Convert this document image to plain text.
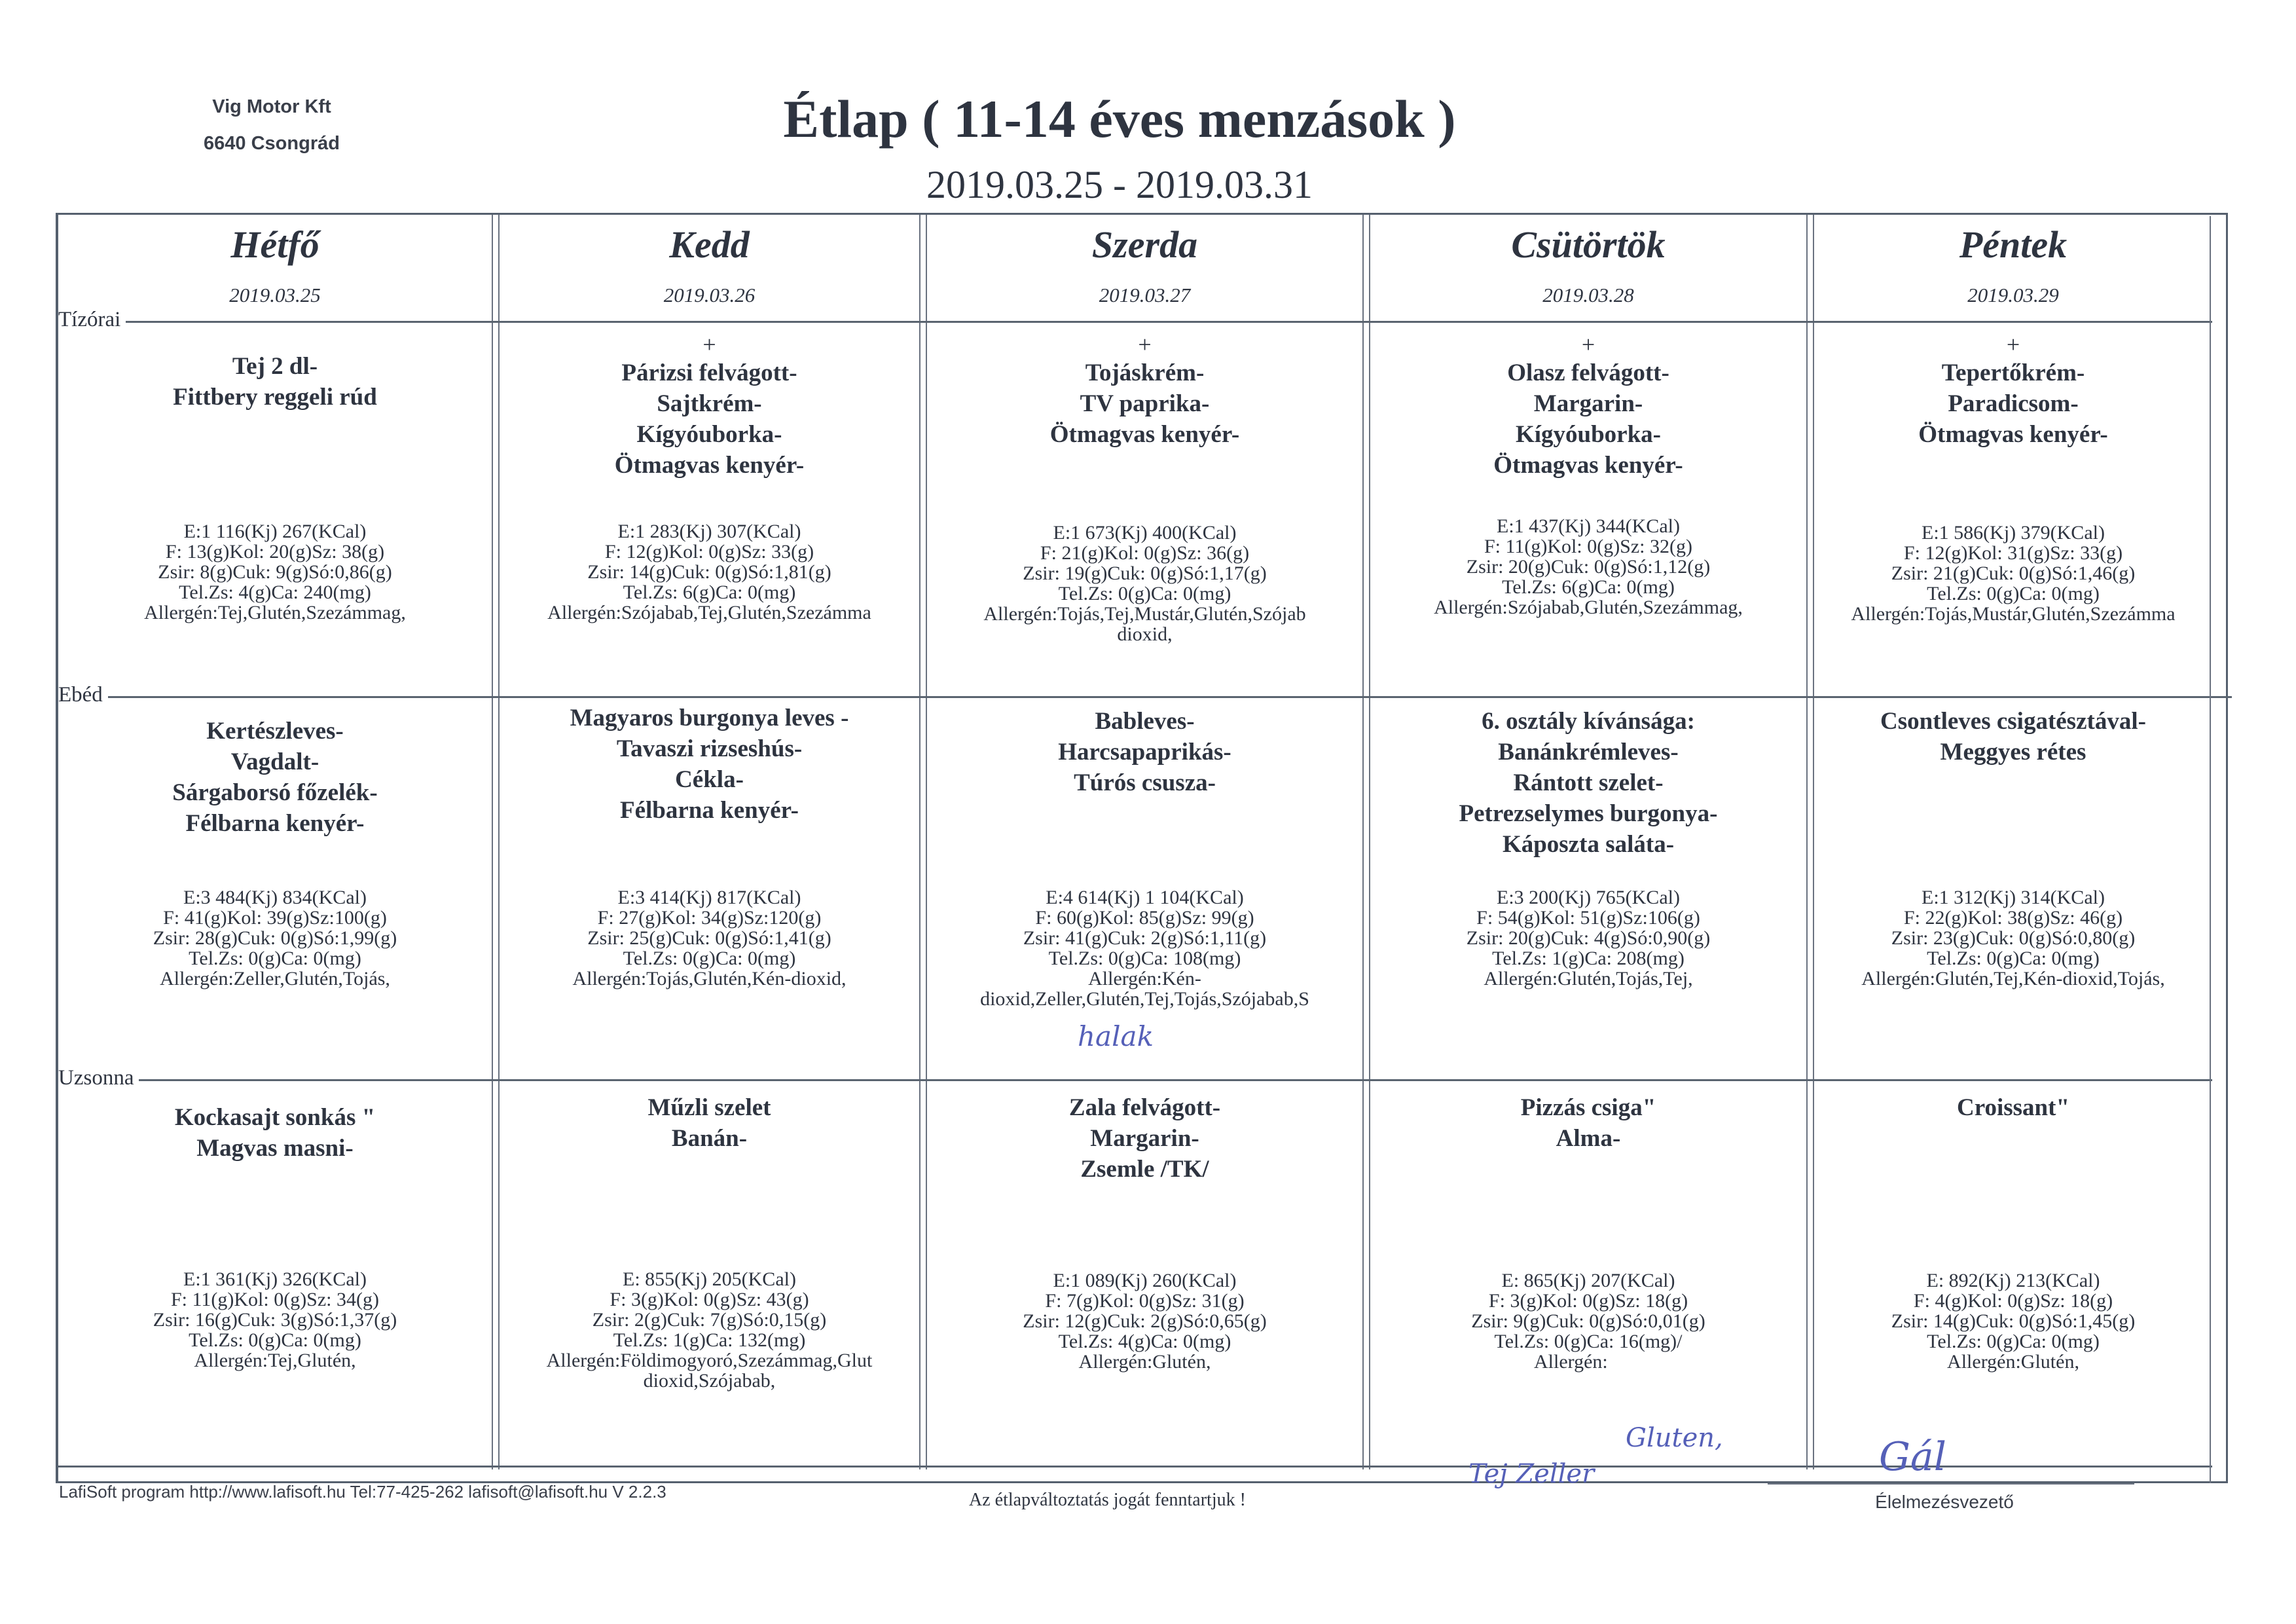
Vig Motor Kft
6640 Csongrád	Étlap ( 11-14 éves menzások )
2019.03.25 - 2019.03.31
Tízórai
Ebéd
Uzsonna
Hétfő
2019.03.25
Kedd
2019.03.26
Szerda
2019.03.27
Csütörtök
2019.03.28
Péntek
2019.03.29
Tej 2 dl-
Fittbery reggeli rúd
E:1 116(Kj) 267(KCal)
F: 13(g)Kol: 20(g)Sz: 38(g)
Zsir: 8(g)Cuk: 9(g)Só:0,86(g)
Tel.Zs: 4(g)Ca: 240(mg)
Allergén:Tej,Glutén,Szezámmag,
+
Párizsi felvágott-
Sajtkrém-
Kígyóuborka-
Ötmagvas kenyér-
E:1 283(Kj) 307(KCal)
F: 12(g)Kol: 0(g)Sz: 33(g)
Zsir: 14(g)Cuk: 0(g)Só:1,81(g)
Tel.Zs: 6(g)Ca: 0(mg)
Allergén:Szójabab,Tej,Glutén,Szezámma
+
Tojáskrém-
TV paprika-
Ötmagvas kenyér-
E:1 673(Kj) 400(KCal)
F: 21(g)Kol: 0(g)Sz: 36(g)
Zsir: 19(g)Cuk: 0(g)Só:1,17(g)
Tel.Zs: 0(g)Ca: 0(mg)
Allergén:Tojás,Tej,Mustár,Glutén,Szójab
dioxid,
+
Olasz felvágott-
Margarin-
Kígyóuborka-
Ötmagvas kenyér-
E:1 437(Kj) 344(KCal)
F: 11(g)Kol: 0(g)Sz: 32(g)
Zsir: 20(g)Cuk: 0(g)Só:1,12(g)
Tel.Zs: 6(g)Ca: 0(mg)
Allergén:Szójabab,Glutén,Szezámmag,
+
Tepertőkrém-
Paradicsom-
Ötmagvas kenyér-
E:1 586(Kj) 379(KCal)
F: 12(g)Kol: 31(g)Sz: 33(g)
Zsir: 21(g)Cuk: 0(g)Só:1,46(g)
Tel.Zs: 0(g)Ca: 0(mg)
Allergén:Tojás,Mustár,Glutén,Szezámma
Kertészleves-
Vagdalt-
Sárgaborsó főzelék-
Félbarna kenyér-
E:3 484(Kj) 834(KCal)
F: 41(g)Kol: 39(g)Sz:100(g)
Zsir: 28(g)Cuk: 0(g)Só:1,99(g)
Tel.Zs: 0(g)Ca: 0(mg)
Allergén:Zeller,Glutén,Tojás,
Magyaros burgonya leves -
Tavaszi rizseshús-
Cékla-
Félbarna kenyér-
E:3 414(Kj) 817(KCal)
F: 27(g)Kol: 34(g)Sz:120(g)
Zsir: 25(g)Cuk: 0(g)Só:1,41(g)
Tel.Zs: 0(g)Ca: 0(mg)
Allergén:Tojás,Glutén,Kén-dioxid,
Bableves-
Harcsapaprikás-
Túrós csusza-
E:4 614(Kj) 1 104(KCal)
F: 60(g)Kol: 85(g)Sz: 99(g)
Zsir: 41(g)Cuk: 2(g)Só:1,11(g)
Tel.Zs: 0(g)Ca: 108(mg)
Allergén:Kén-
dioxid,Zeller,Glutén,Tej,Tojás,Szójabab,S
halak
6. osztály kívánsága:
Banánkrémleves-
Rántott szelet-
Petrezselymes burgonya-
Káposzta saláta-
E:3 200(Kj) 765(KCal)
F: 54(g)Kol: 51(g)Sz:106(g)
Zsir: 20(g)Cuk: 4(g)Só:0,90(g)
Tel.Zs: 1(g)Ca: 208(mg)
Allergén:Glutén,Tojás,Tej,
Csontleves csigatésztával-
Meggyes rétes
E:1 312(Kj) 314(KCal)
F: 22(g)Kol: 38(g)Sz: 46(g)
Zsir: 23(g)Cuk: 0(g)Só:0,80(g)
Tel.Zs: 0(g)Ca: 0(mg)
Allergén:Glutén,Tej,Kén-dioxid,Tojás,
Kockasajt sonkás "
Magvas masni-
E:1 361(Kj) 326(KCal)
F: 11(g)Kol: 0(g)Sz: 34(g)
Zsir: 16(g)Cuk: 3(g)Só:1,37(g)
Tel.Zs: 0(g)Ca: 0(mg)
Allergén:Tej,Glutén,
Műzli szelet
Banán-
E: 855(Kj) 205(KCal)
F: 3(g)Kol: 0(g)Sz: 43(g)
Zsir: 2(g)Cuk: 7(g)Só:0,15(g)
Tel.Zs: 1(g)Ca: 132(mg)
Allergén:Földimogyoró,Szezámmag,Glut
dioxid,Szójabab,
Zala felvágott-
Margarin-
Zsemle /TK/
E:1 089(Kj) 260(KCal)
F: 7(g)Kol: 0(g)Sz: 31(g)
Zsir: 12(g)Cuk: 2(g)Só:0,65(g)
Tel.Zs: 4(g)Ca: 0(mg)
Allergén:Glutén,
Pizzás csiga"
Alma-
E: 865(Kj) 207(KCal)
F: 3(g)Kol: 0(g)Sz: 18(g)
Zsir: 9(g)Cuk: 0(g)Só:0,01(g)
Tel.Zs: 0(g)Ca: 16(mg)/
Allergén:
Gluten,
Tej Zeller
Croissant"
E: 892(Kj) 213(KCal)
F: 4(g)Kol: 0(g)Sz: 18(g)
Zsir: 14(g)Cuk: 0(g)Só:1,45(g)
Tel.Zs: 0(g)Ca: 0(mg)
Allergén:Glutén,
LafiSoft program http://www.lafisoft.hu Tel:77-425-262 lafisoft@lafisoft.hu V 2.2.3	Az étlapváltoztatás jogát fenntartjuk !
Gál
Élelmezésvezető
